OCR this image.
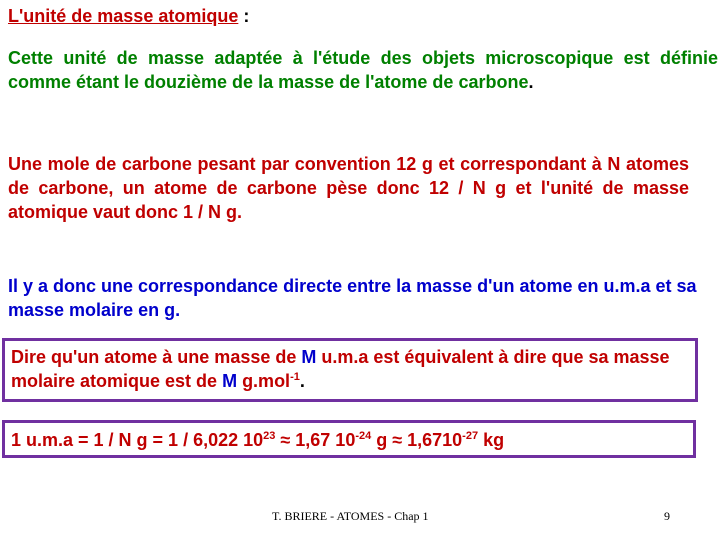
L'unité de masse atomique :

Cette unité de masse adaptée à l'étude des objets microscopique est définie comme étant le douzième de la masse de l'atome de carbone.

Une mole de carbone pesant par convention 12 g et correspondant à N atomes de carbone, un atome de carbone pèse donc 12 / N g et l'unité de masse atomique vaut donc 1 / N g.

Il y a donc une correspondance directe entre la masse d'un atome en u.m.a et sa masse molaire en g.

Dire qu'un atome à une masse de M u.m.a est équivalent à dire que sa masse molaire atomique est de M g.mol$^{-1}$.
1 u.m.a = 1 / N g = 1 / 6,022 $10^{23} \approx 1,67$ $10^{-24}$ $g \approx 1,6710^{-27}$ kg
T. BRIERE - ATOMES - Chap 1	9
